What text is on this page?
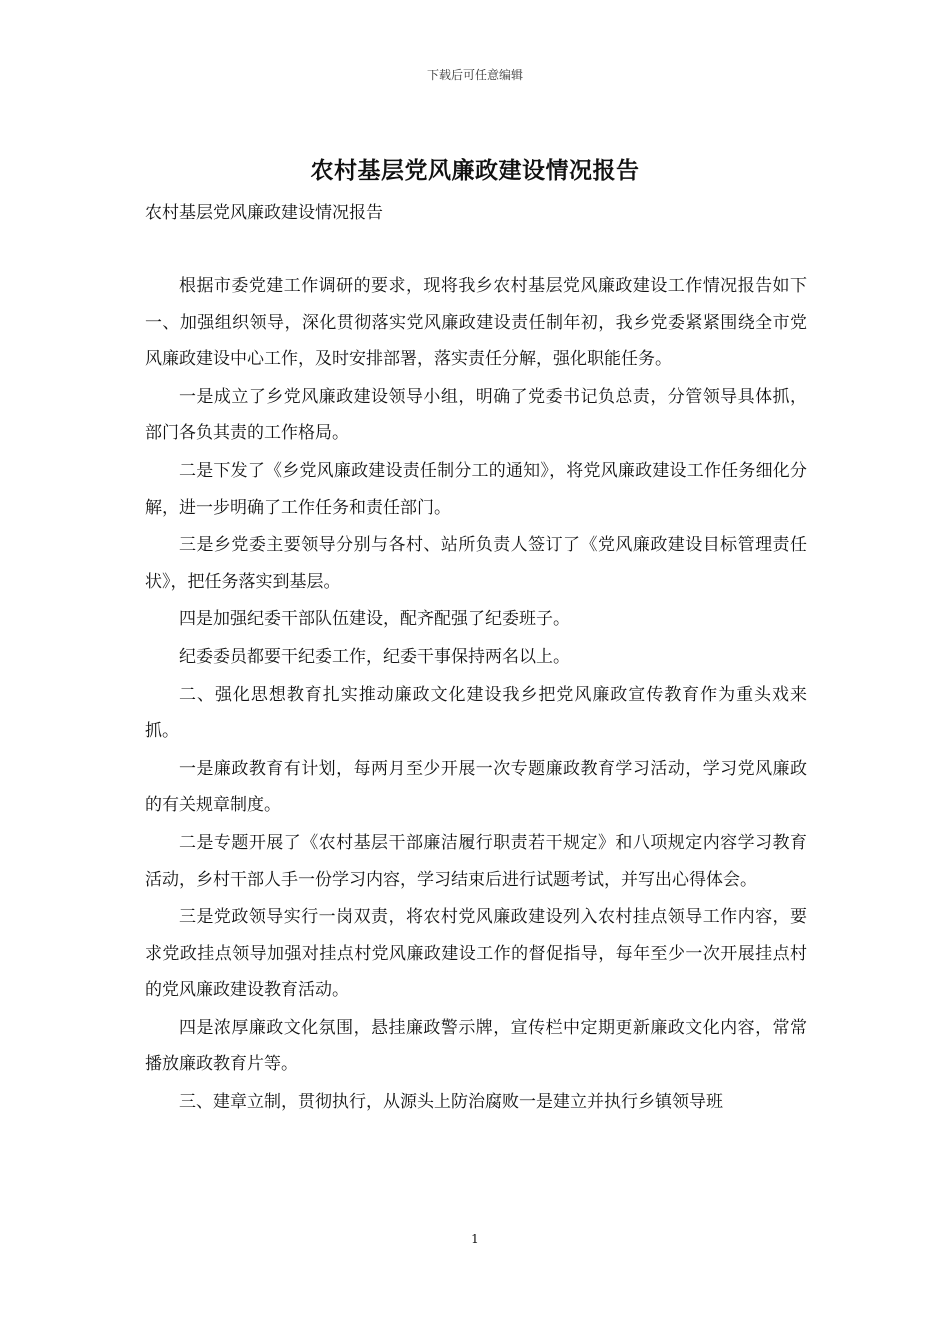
下载后可任意编辑
农村基层党风廉政建设情况报告
农村基层党风廉政建设情况报告

根据市委党建工作调研的要求，现将我乡农村基层党风廉政建设工作情况报告如下一、加强组织领导，深化贯彻落实党风廉政建设责任制年初，我乡党委紧紧围绕全市党风廉政建设中心工作，及时安排部署，落实责任分解，强化职能任务。

一是成立了乡党风廉政建设领导小组，明确了党委书记负总责，分管领导具体抓，部门各负其责的工作格局。

二是下发了《乡党风廉政建设责任制分工的通知》，将党风廉政建设工作任务细化分解，进一步明确了工作任务和责任部门。

三是乡党委主要领导分别与各村、站所负责人签订了《党风廉政建设目标管理责任状》，把任务落实到基层。

四是加强纪委干部队伍建设，配齐配强了纪委班子。

纪委委员都要干纪委工作，纪委干事保持两名以上。

二、强化思想教育扎实推动廉政文化建设我乡把党风廉政宣传教育作为重头戏来抓。

一是廉政教育有计划，每两月至少开展一次专题廉政教育学习活动，学习党风廉政的有关规章制度。

二是专题开展了《农村基层干部廉洁履行职责若干规定》和八项规定内容学习教育活动，乡村干部人手一份学习内容，学习结束后进行试题考试，并写出心得体会。

三是党政领导实行一岗双责，将农村党风廉政建设列入农村挂点领导工作内容，要求党政挂点领导加强对挂点村党风廉政建设工作的督促指导，每年至少一次开展挂点村的党风廉政建设教育活动。

四是浓厚廉政文化氛围，悬挂廉政警示牌，宣传栏中定期更新廉政文化内容，常常播放廉政教育片等。

三、建章立制，贯彻执行，从源头上防治腐败一是建立并执行乡镇领导班

1
